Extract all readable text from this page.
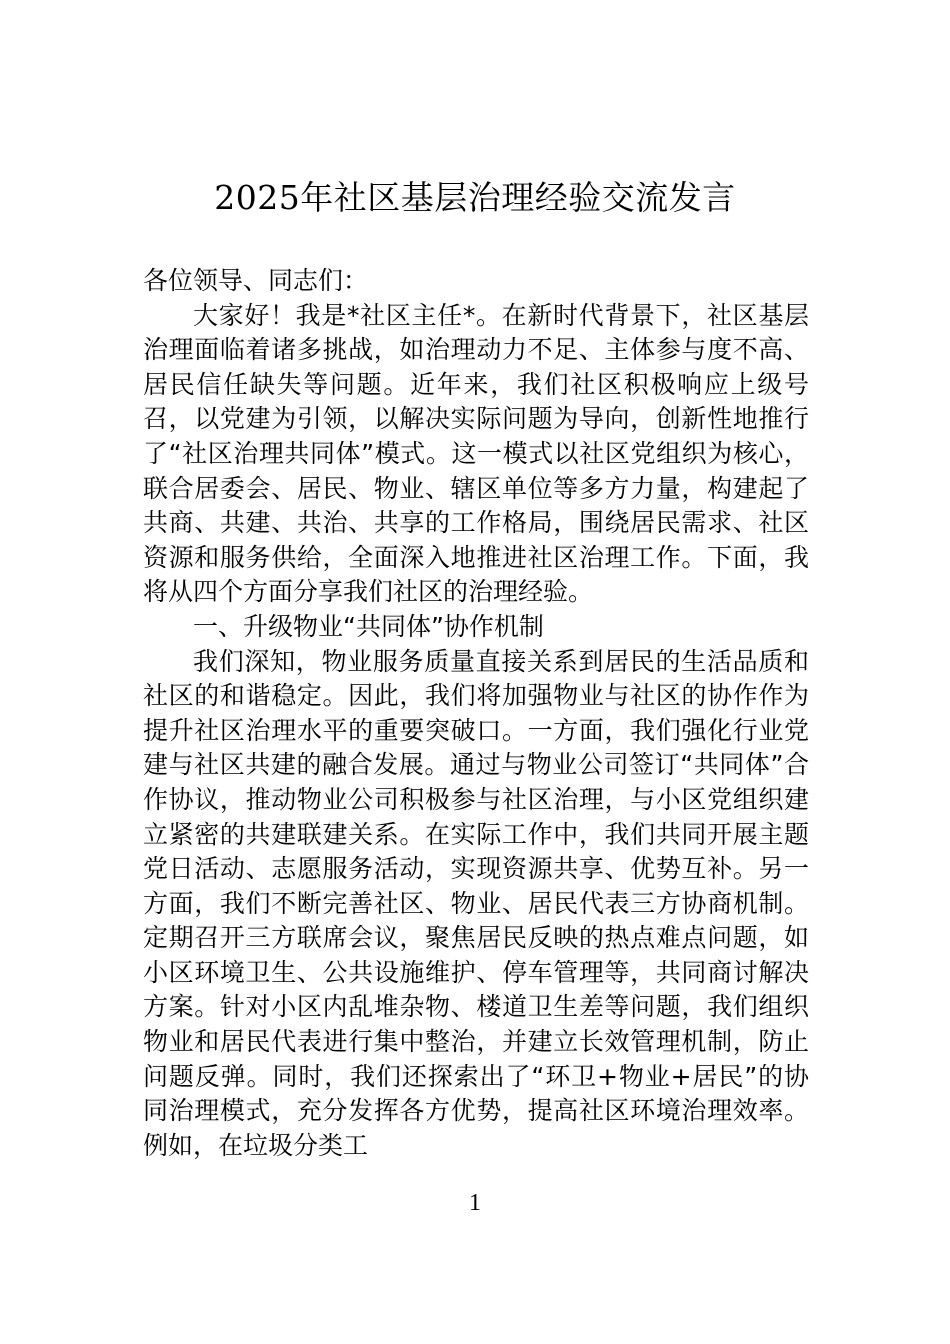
2025年社区基层治理经验交流发言

各位领导、同志们：

大家好！我是*社区主任*。在新时代背景下，社区基层治理面临着诸多挑战，如治理动力不足、主体参与度不高、居民信任缺失等问题。近年来，我们社区积极响应上级号召，以党建为引领，以解决实际问题为导向，创新性地推行了“社区治理共同体”模式。这一模式以社区党组织为核心，联合居委会、居民、物业、辖区单位等多方力量，构建起了共商、共建、共治、共享的工作格局，围绕居民需求、社区资源和服务供给，全面深入地推进社区治理工作。下面，我将从四个方面分享我们社区的治理经验。

一、升级物业“共同体”协作机制

我们深知，物业服务质量直接关系到居民的生活品质和社区的和谐稳定。因此，我们将加强物业与社区的协作作为提升社区治理水平的重要突破口。一方面，我们强化行业党建与社区共建的融合发展。通过与物业公司签订“共同体”合作协议，推动物业公司积极参与社区治理，与小区党组织建立紧密的共建联建关系。在实际工作中，我们共同开展主题党日活动、志愿服务活动，实现资源共享、优势互补。另一方面，我们不断完善社区、物业、居民代表三方协商机制。定期召开三方联席会议，聚焦居民反映的热点难点问题，如小区环境卫生、公共设施维护、停车管理等，共同商讨解决方案。针对小区内乱堆杂物、楼道卫生差等问题，我们组织物业和居民代表进行集中整治，并建立长效管理机制，防止问题反弹。同时，我们还探索出了“环卫+物业+居民”的协同治理模式，充分发挥各方优势，提高社区环境治理效率。例如，在垃圾分类工

1
